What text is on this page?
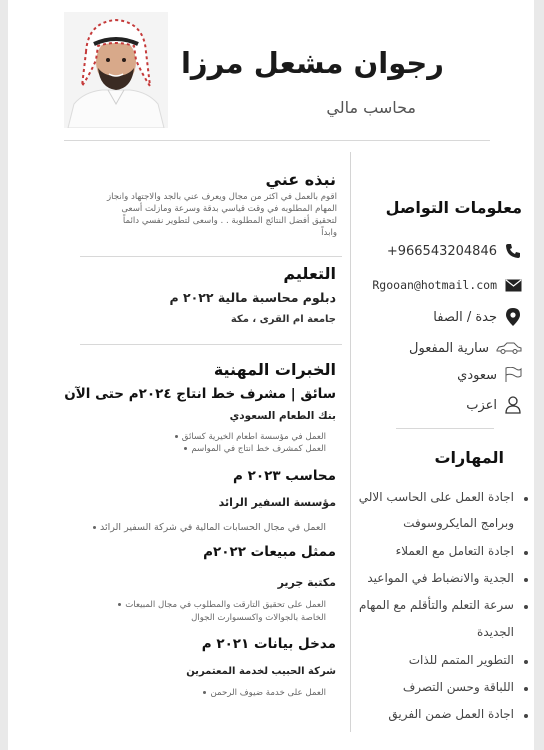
رجوان مشعل مرزا
محاسب مالي
نبذه عني
اقوم بالعمل في اكثر من مجال ويعرف عني بالجد والاجتهاد وانجاز
المهام المطلوبه في وقت قياسي بدقة وسرعة ومازلت أسعى
لتحقيق أفضل النتائج المطلوبة . . واسعى لتطوير نفسي دائماً
وابداً
التعليم
دبلوم محاسبة مالية ٢٠٢٢ م
جامعة ام القرى ، مكة
الخبرات المهنية
سائق | مشرف خط انتاج ٢٠٢٤م حتى الآن
بنك الطعام السعودي
العمل في مؤسسة اطعام الخيرية كسائق
العمل كمشرف خط انتاج في المواسم
محاسب ٢٠٢٣ م
مؤسسة السفير الرائد
العمل في مجال الحسابات المالية في شركة السفير الرائد
ممثل مبيعات ٢٠٢٢م
مكتبة جرير
العمل على تحقيق التارقت والمطلوب في مجال المبيعات
الخاصة بالجوالات واكسسوارت الجوال
مدخل بيانات ٢٠٢١ م
شركة الحبيب لخدمة المعتمرين
العمل على خدمة ضيوف الرحمن
معلومات التواصل
+966543204846
Rgooan@hotmail.com
جدة / الصفا
سارية المفعول
سعودي
اعزب
المهارات
اجادة العمل على الحاسب الالي
وبرامج المايكروسوفت
اجادة التعامل مع العملاء
الجدية والانضباط في المواعيد
سرعة التعلم والتأقلم مع المهام
الجديدة
التطوير المتمم للذات
اللباقة وحسن التصرف
اجادة العمل ضمن الفريق
